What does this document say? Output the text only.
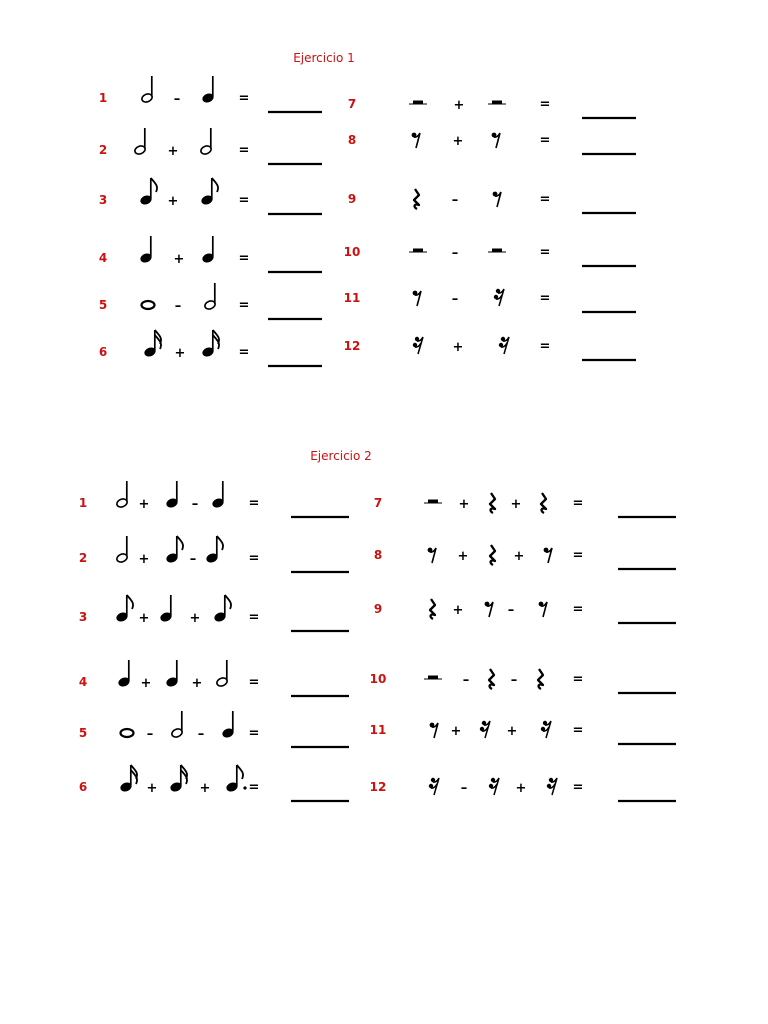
Ejercicio 1
Ejercicio 2
1	–	=
2	+	=
3	+	=
4	+	=
5	–	=
6	+	=
7	+	=
8	+	=
9	–	=
10	–	=
11	–	=
12	+	=
1	+	–	=
2	+	–	=
3	+	+	=
4	+	+	=
5	–	–	=
6	+	+	=
7	+	+	=
8	+	+	=
9	+	–	=
10	–	–	=
11	+	+	=
12	–	+	=
